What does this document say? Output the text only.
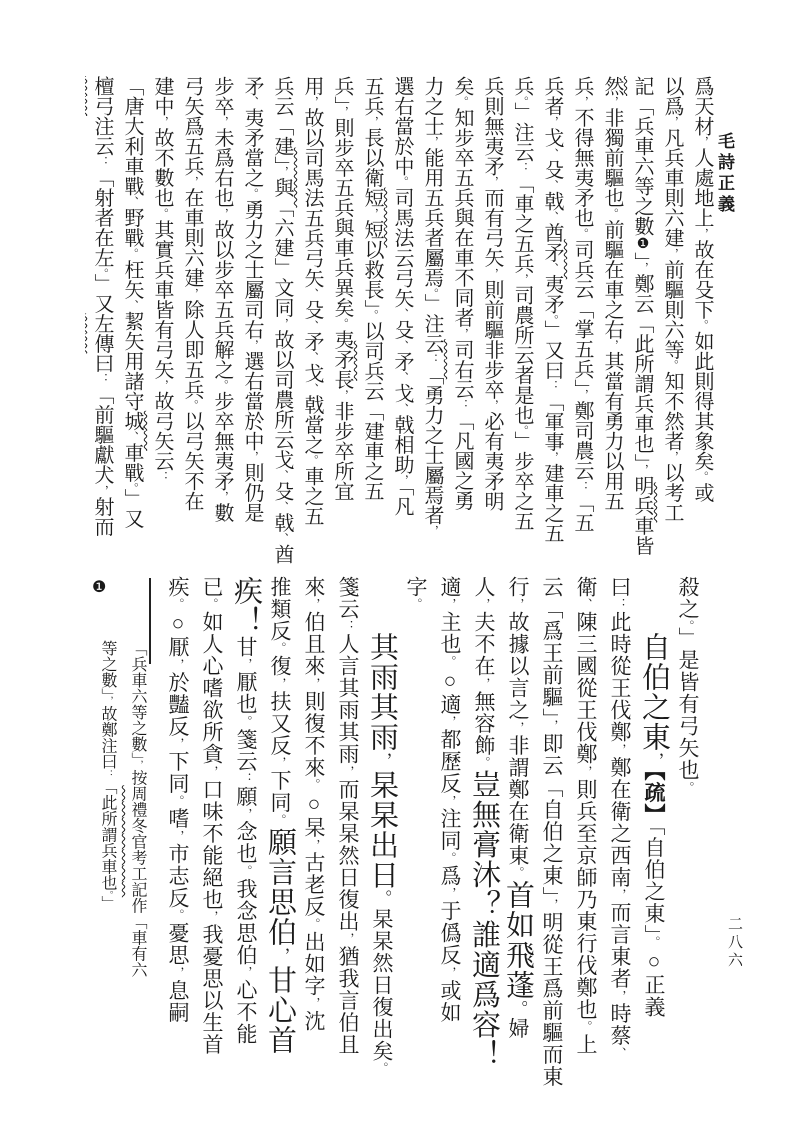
毛詩正義
二八六
爲天材，人處地上，故在殳下。如此則得其象矣。或
以爲，凡兵車則六建，前驅則六等。知不然者，以考工
記「兵車六等之數❶」，鄭云「此所謂兵車也」，明兵車皆
然，非獨前驅也。前驅在車之右，其當有勇力以用五
兵，不得無夷矛也。司兵云「掌五兵」，鄭司農云：「五
兵者，戈、殳、戟、酋矛、夷矛。」又曰：「軍事，建車之五
兵。」注云：「車之五兵，司農所云者是也。」步卒之五
兵則無夷矛，而有弓矢，則前驅非步卒，必有夷矛明
矣。知步卒五兵與在車不同者，司右云：「凡國之勇
力之士，能用五兵者屬焉。」注云：「勇力之士屬焉者，
選右當於中。司馬法云弓矢、殳、矛、戈、戟相助，「凡
五兵，長以衛短，短以救長」。以司兵云「建車之五
兵」，則步卒五兵與車兵異矣。夷矛長，非步卒所宜
用，故以司馬法五兵弓矢、殳、矛、戈、戟當之。車之五
兵云「建」，與「六建」文同，故以司農所云戈、殳、戟、酋
矛、夷矛當之。勇力之士屬司右，選右當於中，則仍是
步卒，未爲右也，故以步卒五兵解之。步卒無夷矛，數
弓矢爲五兵，在車則六建，除人即五兵。以弓矢不在
建中，故不數也。其實兵車皆有弓矢，故弓矢云：
「唐大利車戰、野戰。枉矢、絜矢用諸守城、車戰。」又
檀弓注云：「射者在左。」又左傳曰：「前驅獻犬，射而
殺之。」是皆有弓矢也。
自伯之東，【疏】「自伯之東」。○正義
曰：此時從王伐鄭，鄭在衛之西南，而言東者，時蔡、
衛、陳三國從王伐鄭，則兵至京師乃東行伐鄭也。上
云「爲王前驅」，即云「自伯之東」，明從王爲前驅而東
行，故據以言之，非謂鄭在衛東。首如飛蓬。婦
人，夫不在，無容飾。豈無膏沐？誰適爲容！
適，主也。○適，都歷反，注同。爲，于僞反，或如
字。
其雨其雨，杲杲出日。杲杲然日復出矣。
箋云：人言其雨其雨，而杲杲然日復出，猶我言伯且
來，伯且來，則復不來。○杲，古老反。出如字，沈
推類反。復，扶又反，下同。願言思伯，甘心首
疾！甘，厭也。箋云：願，念也。我念思伯，心不能
已。如人心嗜欲所貪，口味不能絕也，我憂思以生首
疾。○厭，於豔反，下同。嗜，市志反。憂思，息嗣
❶
「兵車六等之數」，按周禮冬官考工記作「車有六
等之數」，故鄭注曰：「此所謂兵車也。」
